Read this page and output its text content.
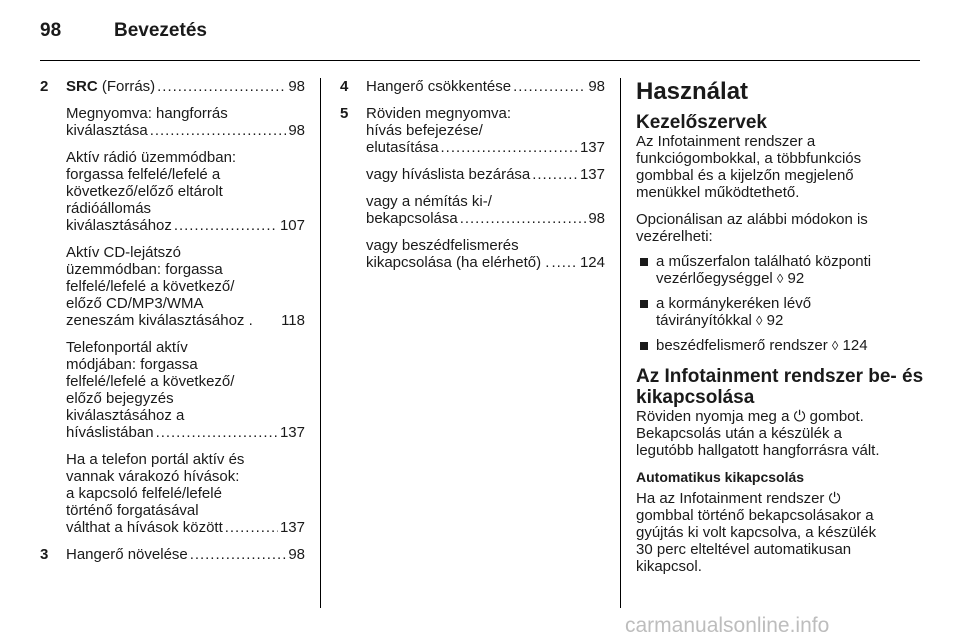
98	Bevezetés
2	SRC (Forrás) . . .	98
Megnyomva: hangforrás
kiválasztása . . .	98
Aktív rádió üzemmódban:
forgassa felfelé/lefelé a
következő/előző eltárolt
rádióállomás
kiválasztásához . . .	107
Aktív CD-lejátszó
üzemmódban: forgassa
felfelé/lefelé a következő/
előző CD/MP3/WMA
zeneszám kiválasztásához . 118
Telefonportál aktív
módjában: forgassa
felfelé/lefelé a következő/
előző bejegyzés
kiválasztásához a
híváslistában . . .	137
Ha a telefon portál aktív és
vannak várakozó hívások:
a kapcsoló felfelé/lefelé
történő forgatásával
válthat a hívások között . . .	137
3	Hangerő növelése . . .	98
4	Hangerő csökkentése . . .	98
5	Röviden megnyomva:
hívás befejezése/
elutasítása . . .	137
vagy híváslista bezárása . . .	137
vagy a némítás ki-/
bekapcsolása . . .	98
vagy beszédfelismerés
kikapcsolása (ha elérhető) . . . . 124
Használat
Kezelőszervek
Az Infotainment rendszer a
funkciógombokkal, a többfunkciós
gombbal és a kijelzőn megjelenő
menükkel működtethető.
Opcionálisan az alábbi módokon is
vezérelheti:
a műszerfalon található központi
vezérlőegységgel ◊ 92
a kormánykeréken lévő
távirányítókkal ◊ 92
beszédfelismerő rendszer ◊ 124
Az Infotainment rendszer be- és
kikapcsolása
Röviden nyomja meg a ⏻ gombot.
Bekapcsolás után a készülék a
legutóbb hallgatott hangforrásra vált.
Automatikus kikapcsolás
Ha az Infotainment rendszer ⏻
gombbal történő bekapcsolásakor a
gyújtás ki volt kapcsolva, a készülék
30 perc elteltével automatikusan
kikapcsol.
carmanualsonline.info
